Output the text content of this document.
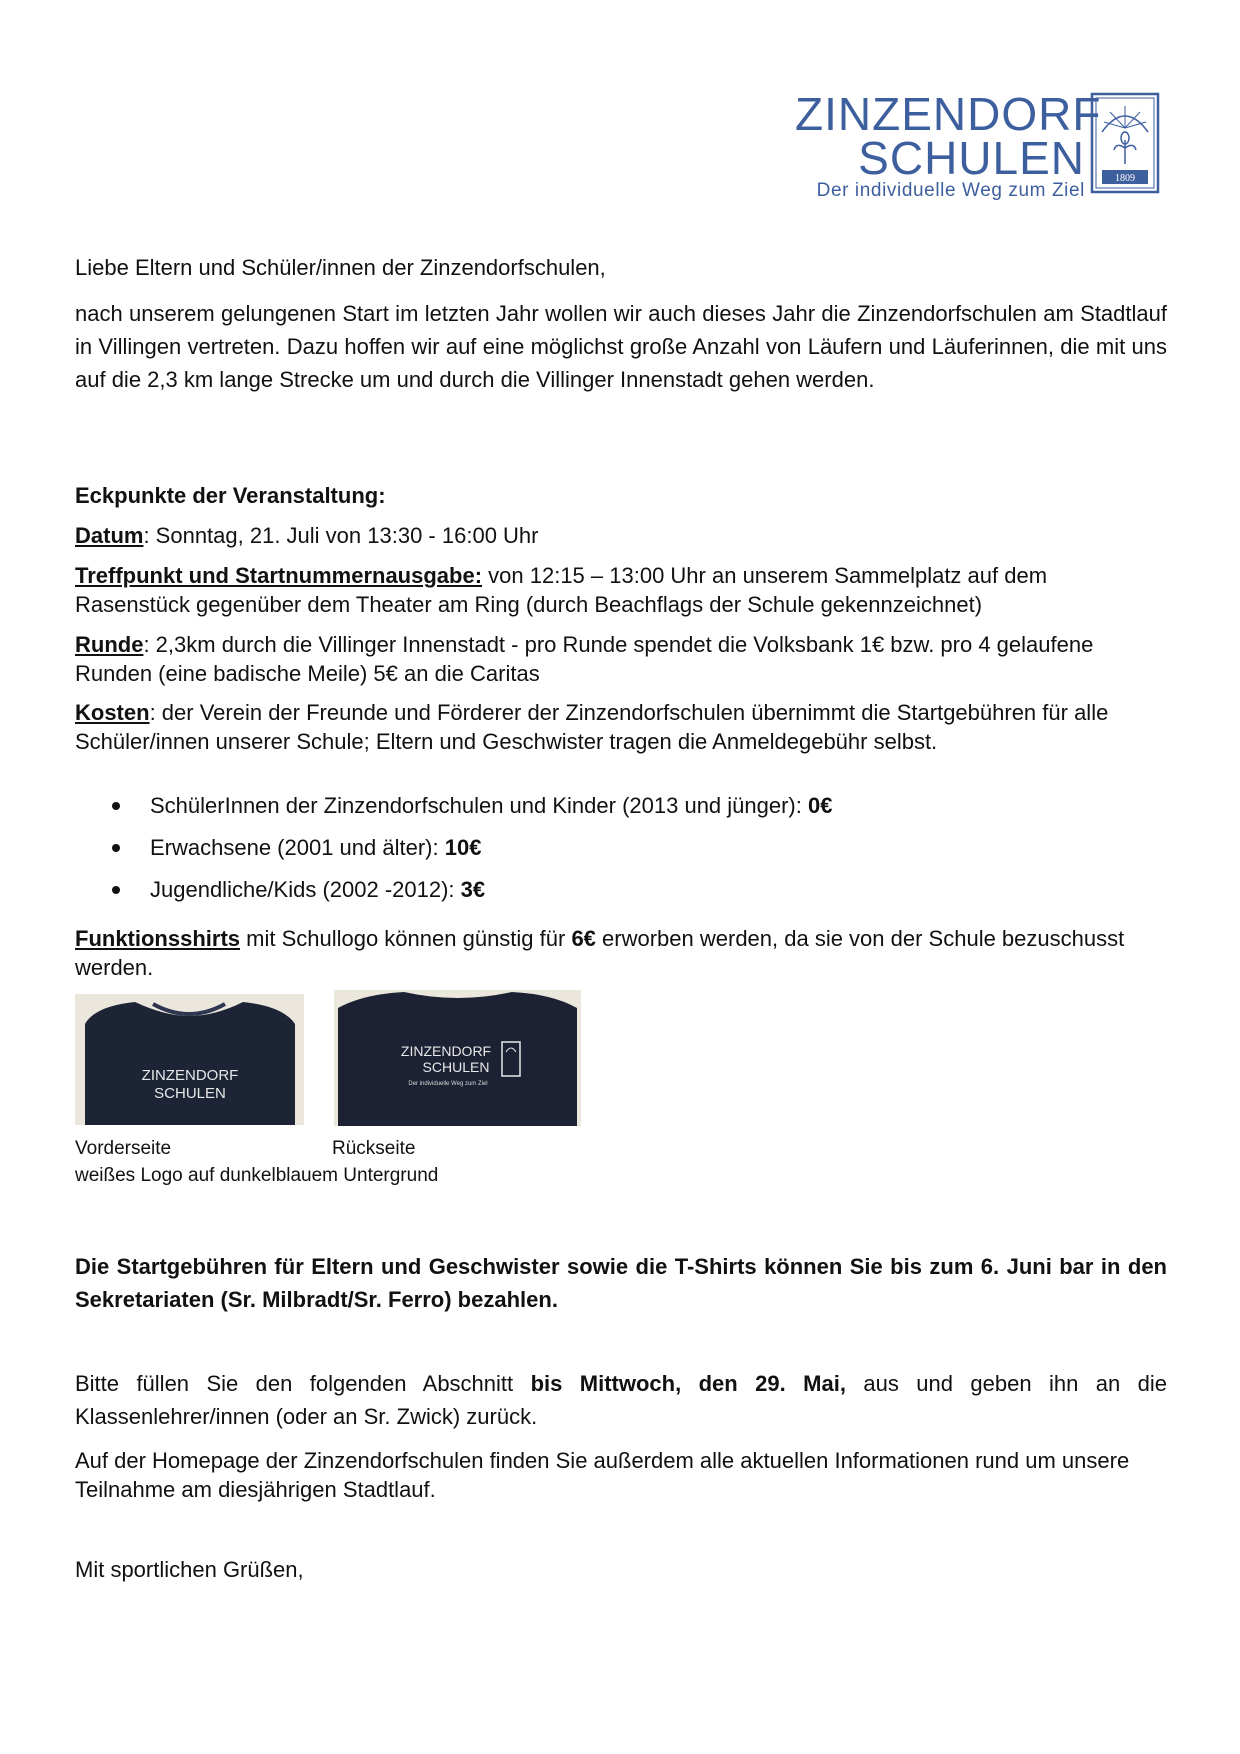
ZINZENDORF
SCHULEN
Der individuelle Weg zum Ziel
1809

Liebe Eltern und Schüler/innen der Zinzendorfschulen,

nach unserem gelungenen Start im letzten Jahr wollen wir auch dieses Jahr die Zinzendorfschulen am Stadtlauf in Villingen vertreten. Dazu hoffen wir auf eine möglichst große Anzahl von Läufern und Läuferinnen, die mit uns auf die 2,3 km lange Strecke um und durch die Villinger Innenstadt gehen werden.

Eckpunkte der Veranstaltung:

Datum: Sonntag, 21. Juli von 13:30 - 16:00 Uhr

Treffpunkt und Startnummernausgabe: von 12:15 – 13:00 Uhr an unserem Sammelplatz auf dem Rasenstück gegenüber dem Theater am Ring (durch Beachflags der Schule gekennzeichnet)

Runde: 2,3km durch die Villinger Innenstadt - pro Runde spendet die Volksbank 1€ bzw. pro 4 gelaufene Runden (eine badische Meile) 5€ an die Caritas

Kosten: der Verein der Freunde und Förderer der Zinzendorfschulen übernimmt die Startgebühren für alle Schüler/innen unserer Schule; Eltern und Geschwister tragen die Anmeldegebühr selbst.

SchülerInnen der Zinzendorfschulen und Kinder (2013 und jünger): 0€
Erwachsene (2001 und älter): 10€
Jugendliche/Kids (2002 -2012): 3€

Funktionsshirts mit Schullogo können günstig für 6€ erworben werden, da sie von der Schule bezuschusst werden.

ZINZENDORF
SCHULEN
ZINZENDORF
SCHULEN
Der individuelle Weg zum Ziel
Vorderseite	Rückseite
weißes Logo auf dunkelblauem Untergrund

Die Startgebühren für Eltern und Geschwister sowie die T-Shirts können Sie bis zum 6. Juni bar in den Sekretariaten (Sr. Milbradt/Sr. Ferro) bezahlen.

Bitte füllen Sie den folgenden Abschnitt bis Mittwoch, den 29. Mai, aus und geben ihn an die Klassenlehrer/innen (oder an Sr. Zwick) zurück.

Auf der Homepage der Zinzendorfschulen finden Sie außerdem alle aktuellen Informationen rund um unsere Teilnahme am diesjährigen Stadtlauf.

Mit sportlichen Grüßen,
